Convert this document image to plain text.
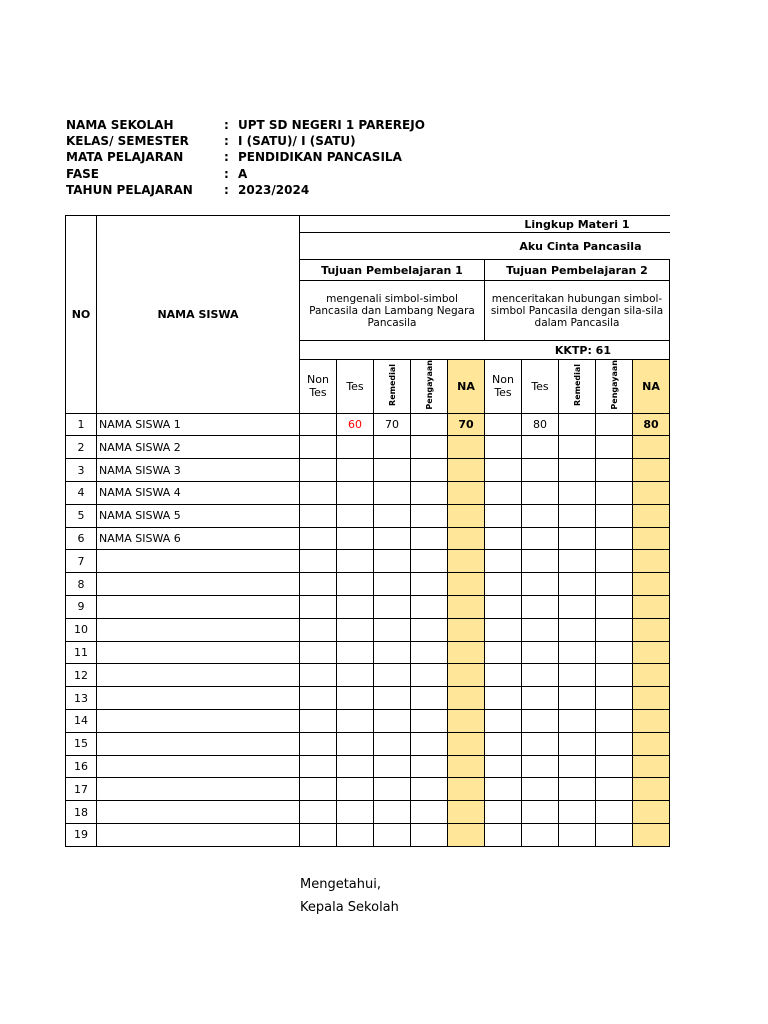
NAMA SEKOLAH	: UPT SD NEGERI 1 PAREREJO
KELAS/ SEMESTER	: I (SATU)/ I (SATU)
MATA PELAJARAN	: PENDIDIKAN PANCASILA
FASE	: A
TAHUN PELAJARAN	: 2023/2024
NO	NAMA SISWA	Lingkup Materi 1									
		Aku Cinta Pancasila									
		Tujuan Pembelajaran 1					Tujuan Pembelajaran 2				
		mengenali simbol-simbol Pancasila dan Lambang Negara Pancasila					menceritakan hubungan simbol-simbol Pancasila dengan sila-sila dalam Pancasila				
		KKTP: 61									
		Non Tes	Tes	Remedial	Pengayaan	NA	Non Tes	Tes	Remedial	Pengayaan	NA

1	NAMA SISWA 1		60	70		70		80			80
2	NAMA SISWA 2										
3	NAMA SISWA 3										
4	NAMA SISWA 4										
5	NAMA SISWA 5										
6	NAMA SISWA 6										
7											
8											
9											
10											
11											
12											
13											
14											
15											
16											
17											
18											
19											
Mengetahui,
Kepala Sekolah
